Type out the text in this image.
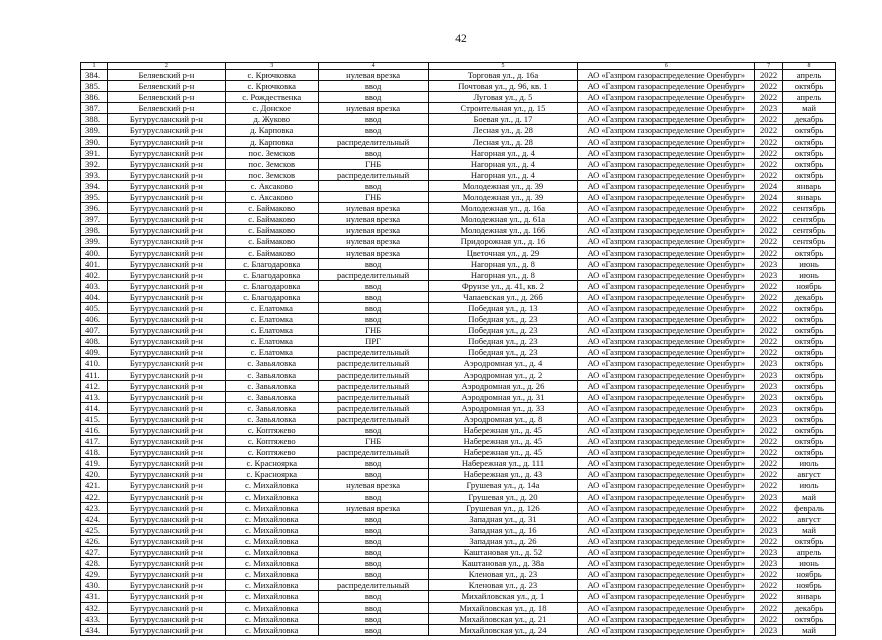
42
1	2	3	4	5	6	7	8
384.	Беляевский р-н	с. Крючковка	нулевая врезка	Торговая ул., д. 16а	АО «Газпром газораспределение Оренбург»	2022	апрель
385.	Беляевский р-н	с. Крючковка	ввод	Почтовая ул., д. 96, кв. 1	АО «Газпром газораспределение Оренбург»	2022	октябрь
386.	Беляевский р-н	с. Рождественка	ввод	Луговая ул., д. 5	АО «Газпром газораспределение Оренбург»	2022	апрель
387.	Беляевский р-н	с. Донское	нулевая врезка	Строительная ул., д. 15	АО «Газпром газораспределение Оренбург»	2023	май
388.	Бугурусланский р-н	д. Жуково	ввод	Боевая ул., д. 17	АО «Газпром газораспределение Оренбург»	2022	декабрь
389.	Бугурусланский р-н	д. Карповка	ввод	Лесная ул., д. 28	АО «Газпром газораспределение Оренбург»	2022	октябрь
390.	Бугурусланский р-н	д. Карповка	распределительный	Лесная ул., д. 28	АО «Газпром газораспределение Оренбург»	2022	октябрь
391.	Бугурусланский р-н	пос. Земсков	ввод	Нагорная ул., д. 4	АО «Газпром газораспределение Оренбург»	2022	октябрь
392.	Бугурусланский р-н	пос. Земсков	ГНБ	Нагорная ул., д. 4	АО «Газпром газораспределение Оренбург»	2022	октябрь
393.	Бугурусланский р-н	пос. Земсков	распределительный	Нагорная ул., д. 4	АО «Газпром газораспределение Оренбург»	2022	октябрь
394.	Бугурусланский р-н	с. Аксаково	ввод	Молодежная ул., д. 39	АО «Газпром газораспределение Оренбург»	2024	январь
395.	Бугурусланский р-н	с. Аксаково	ГНБ	Молодежная ул., д. 39	АО «Газпром газораспределение Оренбург»	2024	январь
396.	Бугурусланский р-н	с. Баймаково	нулевая врезка	Молодежная ул., д. 16а	АО «Газпром газораспределение Оренбург»	2022	сентябрь
397.	Бугурусланский р-н	с. Баймаково	нулевая врезка	Молодежная ул., д. 61а	АО «Газпром газораспределение Оренбург»	2022	сентябрь
398.	Бугурусланский р-н	с. Баймаково	нулевая врезка	Молодежная ул., д. 166	АО «Газпром газораспределение Оренбург»	2022	сентябрь
399.	Бугурусланский р-н	с. Баймаково	нулевая врезка	Придорожная ул., д. 16	АО «Газпром газораспределение Оренбург»	2022	сентябрь
400.	Бугурусланский р-н	с. Баймаково	нулевая врезка	Цветочная ул., д. 29	АО «Газпром газораспределение Оренбург»	2022	октябрь
401.	Бугурусланский р-н	с. Благодаровка	ввод	Нагорная ул., д. 8	АО «Газпром газораспределение Оренбург»	2023	июнь
402.	Бугурусланский р-н	с. Благодаровка	распределительный	Нагорная ул., д. 8	АО «Газпром газораспределение Оренбург»	2023	июнь
403.	Бугурусланский р-н	с. Благодаровка	ввод	Фрунзе ул., д. 41, кв. 2	АО «Газпром газораспределение Оренбург»	2022	ноябрь
404.	Бугурусланский р-н	с. Благодаровка	ввод	Чапаевская ул., д. 26б	АО «Газпром газораспределение Оренбург»	2022	декабрь
405.	Бугурусланский р-н	с. Елатомка	ввод	Победная ул., д. 13	АО «Газпром газораспределение Оренбург»	2022	октябрь
406.	Бугурусланский р-н	с. Елатомка	ввод	Победная ул., д. 23	АО «Газпром газораспределение Оренбург»	2022	октябрь
407.	Бугурусланский р-н	с. Елатомка	ГНБ	Победная ул., д. 23	АО «Газпром газораспределение Оренбург»	2022	октябрь
408.	Бугурусланский р-н	с. Елатомка	ПРГ	Победная ул., д. 23	АО «Газпром газораспределение Оренбург»	2022	октябрь
409.	Бугурусланский р-н	с. Елатомка	распределительный	Победная ул., д. 23	АО «Газпром газораспределение Оренбург»	2022	октябрь
410.	Бугурусланский р-н	с. Завьяловка	распределительный	Аэродромная ул., д. 4	АО «Газпром газораспределение Оренбург»	2023	октябрь
411.	Бугурусланский р-н	с. Завьяловка	распределительный	Аэродромная ул., д. 2	АО «Газпром газораспределение Оренбург»	2023	октябрь
412.	Бугурусланский р-н	с. Завьяловка	распределительный	Аэродромная ул., д. 26	АО «Газпром газораспределение Оренбург»	2023	октябрь
413.	Бугурусланский р-н	с. Завьяловка	распределительный	Аэродромная ул., д. 31	АО «Газпром газораспределение Оренбург»	2023	октябрь
414.	Бугурусланский р-н	с. Завьяловка	распределительный	Аэродромная ул., д. 33	АО «Газпром газораспределение Оренбург»	2023	октябрь
415.	Бугурусланский р-н	с. Завьяловка	распределительный	Аэродромная ул., д. 8	АО «Газпром газораспределение Оренбург»	2023	октябрь
416.	Бугурусланский р-н	с. Коптяжево	ввод	Набережная ул., д. 45	АО «Газпром газораспределение Оренбург»	2022	октябрь
417.	Бугурусланский р-н	с. Коптяжево	ГНБ	Набережная ул., д. 45	АО «Газпром газораспределение Оренбург»	2022	октябрь
418.	Бугурусланский р-н	с. Коптяжево	распределительный	Набережная ул., д. 45	АО «Газпром газораспределение Оренбург»	2022	октябрь
419.	Бугурусланский р-н	с. Красноярка	ввод	Набережная ул., д. 111	АО «Газпром газораспределение Оренбург»	2022	июль
420.	Бугурусланский р-н	с. Красноярка	ввод	Набережная ул., д. 43	АО «Газпром газораспределение Оренбург»	2022	август
421.	Бугурусланский р-н	с. Михайловка	нулевая врезка	Грушевая ул., д. 14а	АО «Газпром газораспределение Оренбург»	2022	июль
422.	Бугурусланский р-н	с. Михайловка	ввод	Грушевая ул., д. 20	АО «Газпром газораспределение Оренбург»	2023	май
423.	Бугурусланский р-н	с. Михайловка	нулевая врезка	Грушевая ул., д. 126	АО «Газпром газораспределение Оренбург»	2022	февраль
424.	Бугурусланский р-н	с. Михайловка	ввод	Западная ул., д. 31	АО «Газпром газораспределение Оренбург»	2022	август
425.	Бугурусланский р-н	с. Михайловка	ввод	Западная ул., д. 16	АО «Газпром газораспределение Оренбург»	2023	май
426.	Бугурусланский р-н	с. Михайловка	ввод	Западная ул., д. 26	АО «Газпром газораспределение Оренбург»	2022	октябрь
427.	Бугурусланский р-н	с. Михайловка	ввод	Каштановая ул., д. 52	АО «Газпром газораспределение Оренбург»	2023	апрель
428.	Бугурусланский р-н	с. Михайловка	ввод	Каштановая ул., д. 38а	АО «Газпром газораспределение Оренбург»	2023	июнь
429.	Бугурусланский р-н	с. Михайловка	ввод	Кленовая ул., д. 23	АО «Газпром газораспределение Оренбург»	2022	ноябрь
430.	Бугурусланский р-н	с. Михайловка	распределительный	Кленовая ул., д. 23	АО «Газпром газораспределение Оренбург»	2022	ноябрь
431.	Бугурусланский р-н	с. Михайловка	ввод	Михайловская ул., д. 1	АО «Газпром газораспределение Оренбург»	2022	январь
432.	Бугурусланский р-н	с. Михайловка	ввод	Михайловская ул., д. 18	АО «Газпром газораспределение Оренбург»	2022	декабрь
433.	Бугурусланский р-н	с. Михайловка	ввод	Михайловская ул., д. 21	АО «Газпром газораспределение Оренбург»	2022	октябрь
434.	Бугурусланский р-н	с. Михайловка	ввод	Михайловская ул., д. 24	АО «Газпром газораспределение Оренбург»	2023	май
